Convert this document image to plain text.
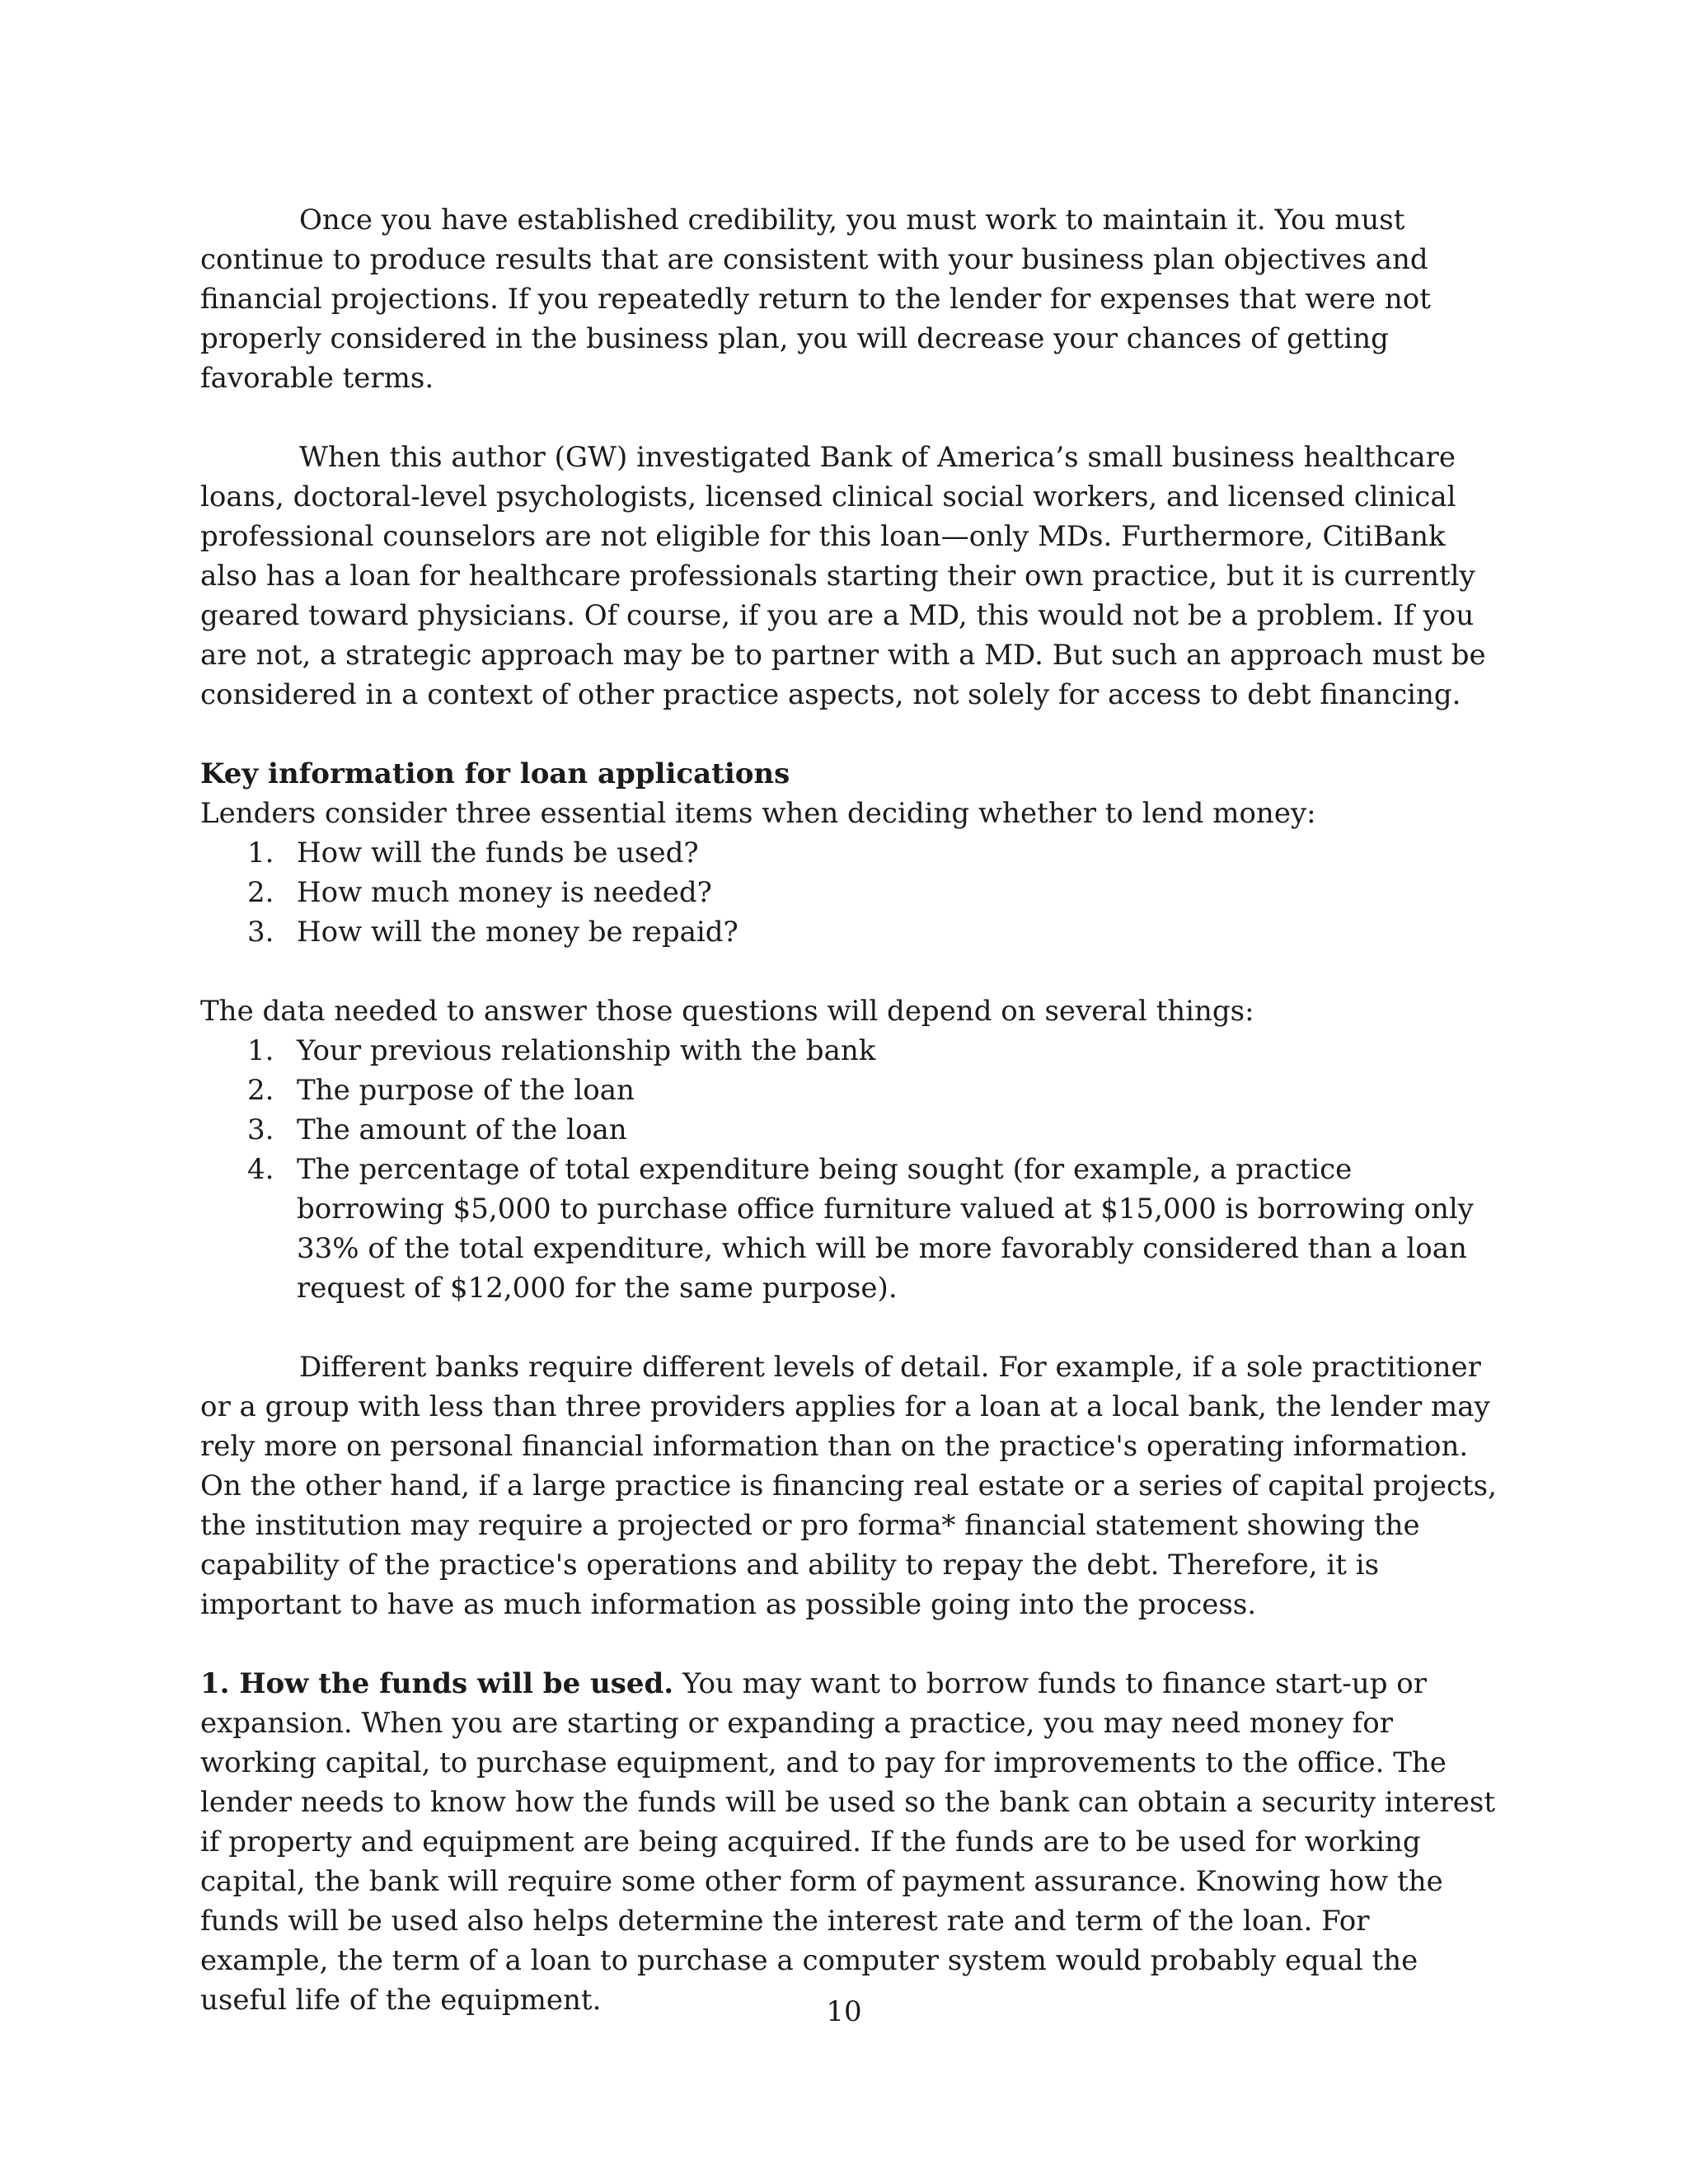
Once you have established credibility, you must work to maintain it. You must continue to produce results that are consistent with your business plan objectives and financial projections. If you repeatedly return to the lender for expenses that were not properly considered in the business plan, you will decrease your chances of getting favorable terms.

When this author (GW) investigated Bank of America’s small business healthcare loans, doctoral-level psychologists, licensed clinical social workers, and licensed clinical professional counselors are not eligible for this loan—only MDs. Furthermore, CitiBank also has a loan for healthcare professionals starting their own practice, but it is currently geared toward physicians. Of course, if you are a MD, this would not be a problem. If you are not, a strategic approach may be to partner with a MD. But such an approach must be considered in a context of other practice aspects, not solely for access to debt financing.

Key information for loan applications

Lenders consider three essential items when deciding whether to lend money:

1. How will the funds be used?
2. How much money is needed?
3. How will the money be repaid?

The data needed to answer those questions will depend on several things:

1. Your previous relationship with the bank
2. The purpose of the loan
3. The amount of the loan
4. The percentage of total expenditure being sought (for example, a practice borrowing $5,000 to purchase office furniture valued at $15,000 is borrowing only 33% of the total expenditure, which will be more favorably considered than a loan request of $12,000 for the same purpose).

Different banks require different levels of detail. For example, if a sole practitioner or a group with less than three providers applies for a loan at a local bank, the lender may rely more on personal financial information than on the practice's operating information. On the other hand, if a large practice is financing real estate or a series of capital projects, the institution may require a projected or pro forma* financial statement showing the capability of the practice's operations and ability to repay the debt. Therefore, it is important to have as much information as possible going into the process.

1. How the funds will be used. You may want to borrow funds to finance start-up or expansion. When you are starting or expanding a practice, you may need money for working capital, to purchase equipment, and to pay for improvements to the office. The lender needs to know how the funds will be used so the bank can obtain a security interest if property and equipment are being acquired. If the funds are to be used for working capital, the bank will require some other form of payment assurance. Knowing how the funds will be used also helps determine the interest rate and term of the loan. For example, the term of a loan to purchase a computer system would probably equal the useful life of the equipment.	10
